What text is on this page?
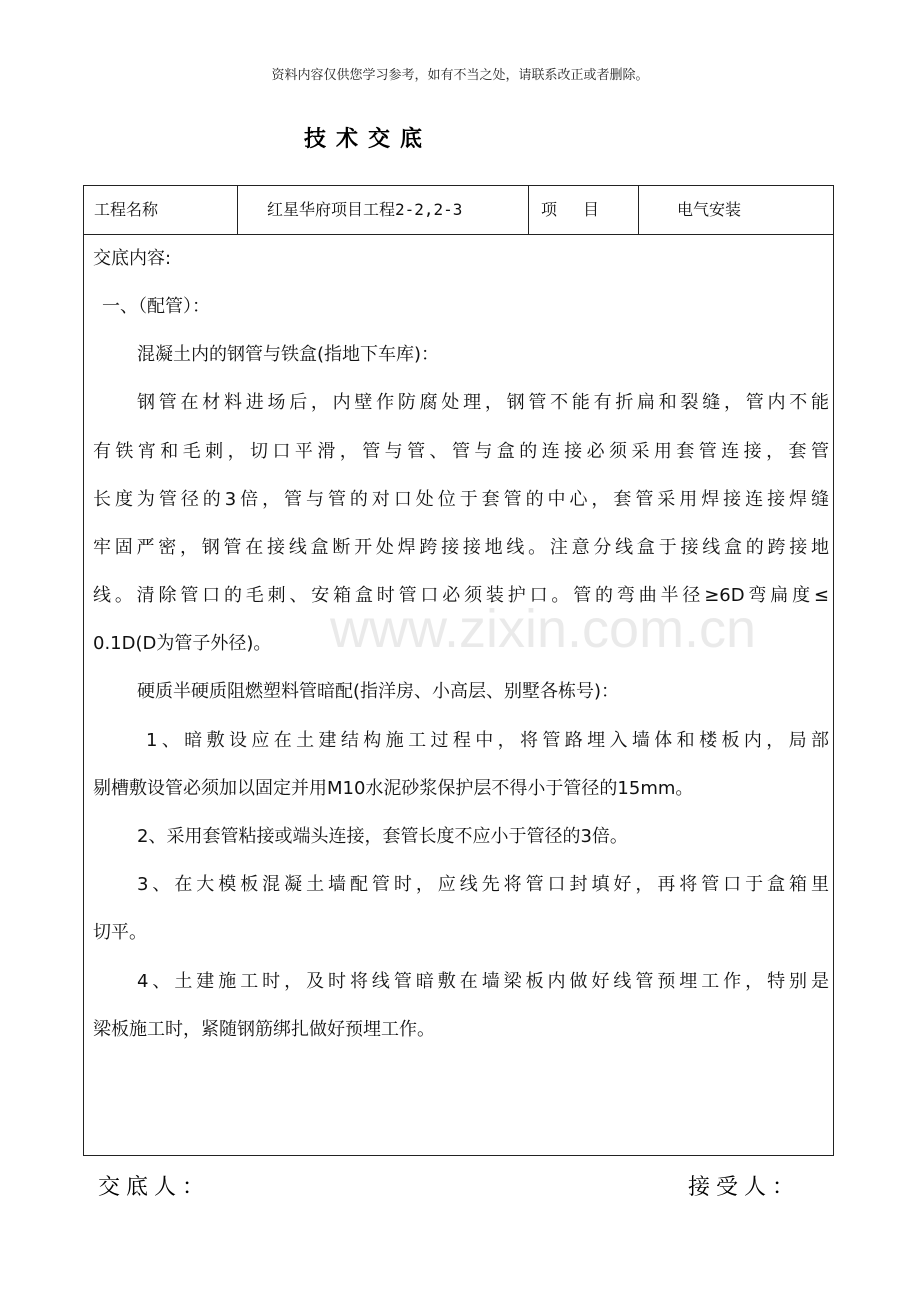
资料内容仅供您学习参考，如有不当之处，请联系改正或者删除。
技术交底
工程名称	红星华府项目工程2-2,2-3	项目	电气安装
交底内容:
一、（配管）：
混凝土内的钢管与铁盒(指地下车库)：
钢管在材料进场后，内壁作防腐处理，钢管不能有折扁和裂缝，管内不能
有铁宵和毛刺，切口平滑，管与管、管与盒的连接必须采用套管连接，套管
长度为管径的3倍，管与管的对口处位于套管的中心，套管采用焊接连接焊缝
牢固严密，钢管在接线盒断开处焊跨接接地线。注意分线盒于接线盒的跨接地
线。清除管口的毛刺、安箱盒时管口必须装护口。管的弯曲半径≥6D弯扁度≤
0.1D(D为管子外径)。
硬质半硬质阻燃塑料管暗配(指洋房、小高层、别墅各栋号)：
1、暗敷设应在土建结构施工过程中，将管路埋入墙体和楼板内，局部
剔槽敷设管必须加以固定并用M10水泥砂浆保护层不得小于管径的15mm。
2、采用套管粘接或端头连接，套管长度不应小于管径的3倍。
3、在大模板混凝土墙配管时，应线先将管口封填好，再将管口于盒箱里
切平。
4、土建施工时，及时将线管暗敷在墙梁板内做好线管预埋工作，特别是
梁板施工时，紧随钢筋绑扎做好预埋工作。
www.zixin.com.cn
交底人：	接受人：
